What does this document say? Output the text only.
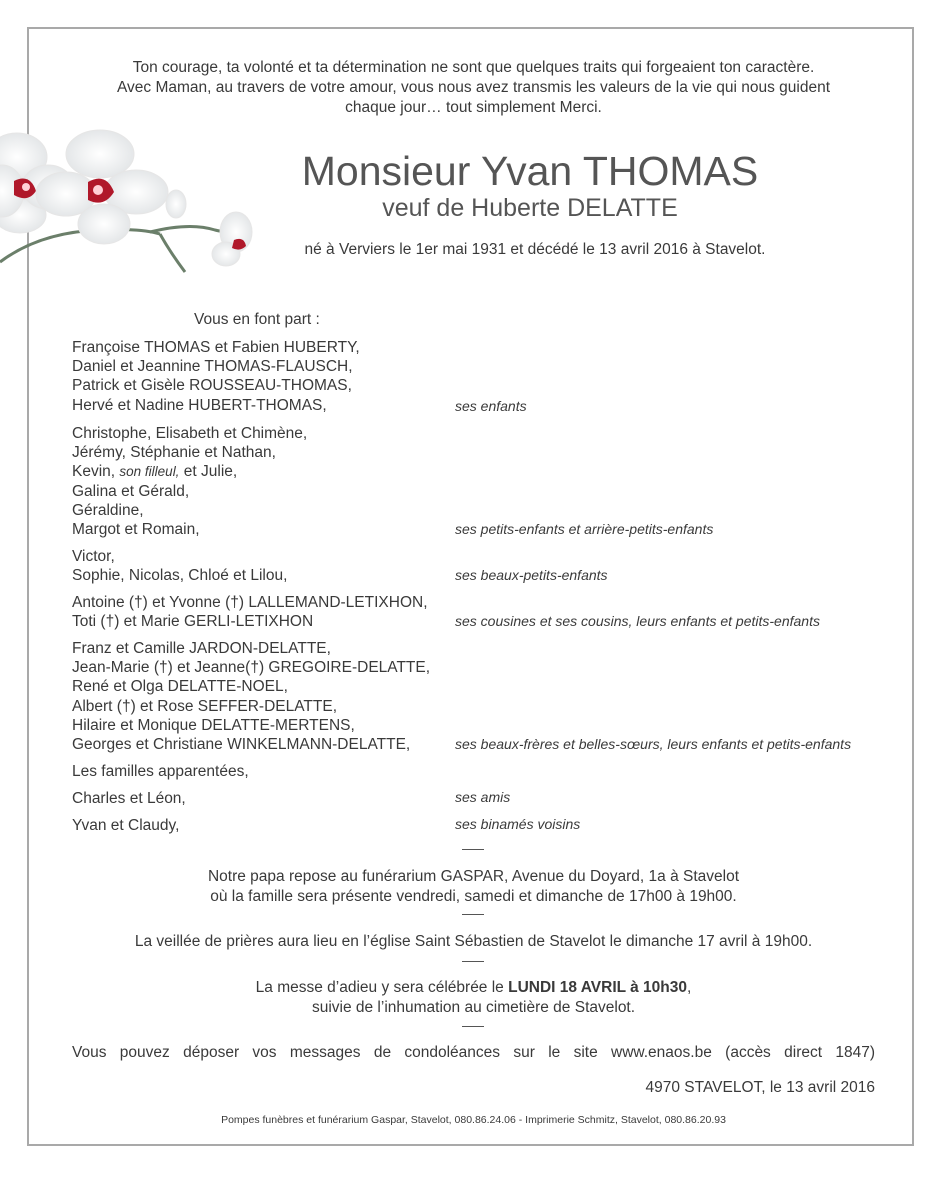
Ton courage, ta volonté et ta détermination ne sont que quelques traits qui forgeaient ton caractère.
Avec Maman, au travers de votre amour, vous nous avez transmis les valeurs de la vie qui nous guident
chaque jour… tout simplement Merci.
Monsieur Yvan THOMAS
veuf de Huberte DELATTE
né à Verviers le 1er mai 1931 et décédé le 13 avril 2016 à Stavelot.
Vous en font part :
Françoise THOMAS et Fabien HUBERTY,
Daniel et Jeannine THOMAS-FLAUSCH,
Patrick et Gisèle ROUSSEAU-THOMAS,
Hervé et Nadine HUBERT-THOMAS,	ses enfants
Christophe, Elisabeth et Chimène,
Jérémy, Stéphanie et Nathan,
Kevin, son filleul, et Julie,
Galina et Gérald,
Géraldine,
Margot et Romain,	ses petits-enfants et arrière-petits-enfants
Victor,
Sophie, Nicolas, Chloé et Lilou,	ses beaux-petits-enfants
Antoine (†) et Yvonne (†) LALLEMAND-LETIXHON,
Toti (†) et Marie GERLI-LETIXHON	ses cousines et ses cousins, leurs enfants et petits-enfants
Franz et Camille JARDON-DELATTE,
Jean-Marie (†) et Jeanne(†) GREGOIRE-DELATTE,
René et Olga DELATTE-NOEL,
Albert (†) et Rose SEFFER-DELATTE,
Hilaire et Monique DELATTE-MERTENS,
Georges et Christiane WINKELMANN-DELATTE,	ses beaux-frères et belles-sœurs, leurs enfants et petits-enfants
Les familles apparentées,
Charles et Léon,	ses amis
Yvan et Claudy,	ses binamés voisins
Notre papa repose au funérarium GASPAR, Avenue du Doyard, 1a à Stavelot
où la famille sera présente vendredi, samedi et dimanche de 17h00 à 19h00.
La veillée de prières aura lieu en l’église Saint Sébastien de Stavelot le dimanche 17 avril à 19h00.
La messe d’adieu y sera célébrée le LUNDI 18 AVRIL à 10h30,
suivie de l’inhumation au cimetière de Stavelot.
Vous pouvez déposer vos messages de condoléances sur le site www.enaos.be (accès direct 1847)
4970 STAVELOT, le 13 avril 2016
Pompes funèbres et funérarium Gaspar, Stavelot, 080.86.24.06 - Imprimerie Schmitz, Stavelot, 080.86.20.93
